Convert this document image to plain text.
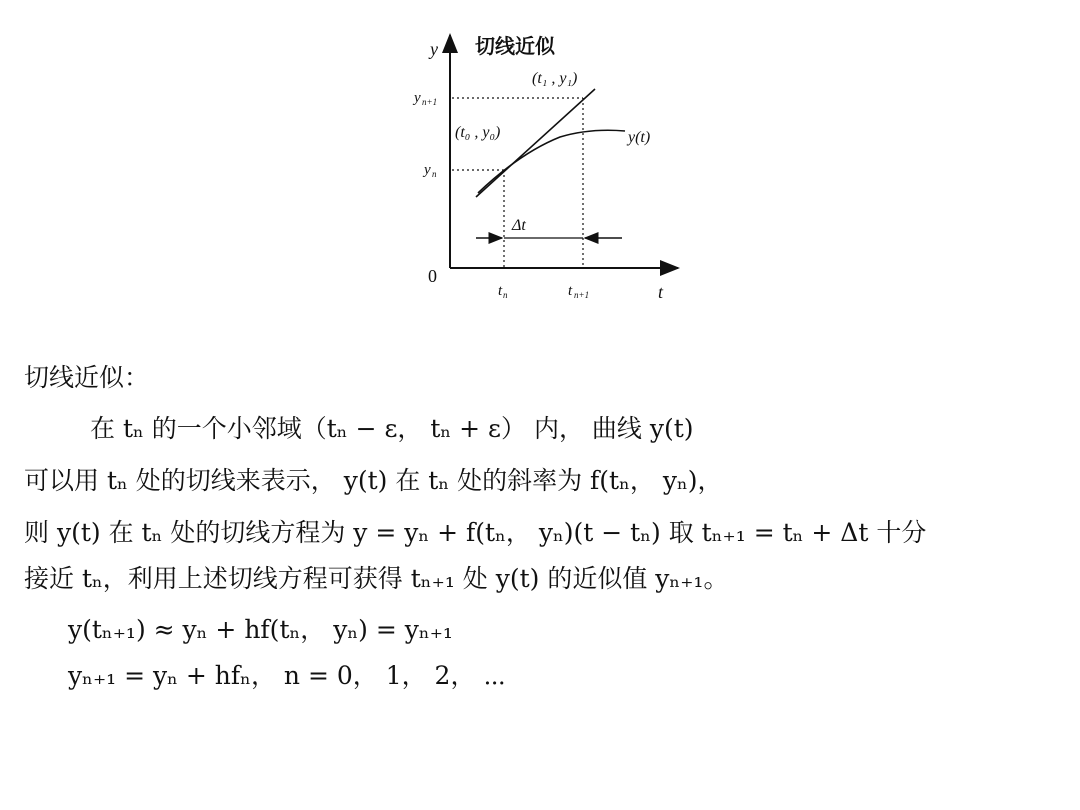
y 切线近似
0
t
y n+1
y n
t n	t n+1
(t₁ , y₁)
(t₀ , y₀)	y(t)
Δt
切线近似：
在 tₙ 的一个小邻域（tₙ − ε， tₙ + ε） 内， 曲线 y(t)
可以用 tₙ 处的切线来表示， y(t) 在 tₙ 处的斜率为 f(tₙ， yₙ)，
则 y(t) 在 tₙ 处的切线方程为 y = yₙ + f(tₙ， yₙ)(t − tₙ) 取 tₙ₊₁ = tₙ + Δt 十分
接近 tₙ，利用上述切线方程可获得 tₙ₊₁ 处 y(t) 的近似值 yₙ₊₁。
y(tₙ₊₁) ≈ yₙ + hf(tₙ， yₙ) = yₙ₊₁
yₙ₊₁ = yₙ + hfₙ， n = 0， 1， 2， ⋯
